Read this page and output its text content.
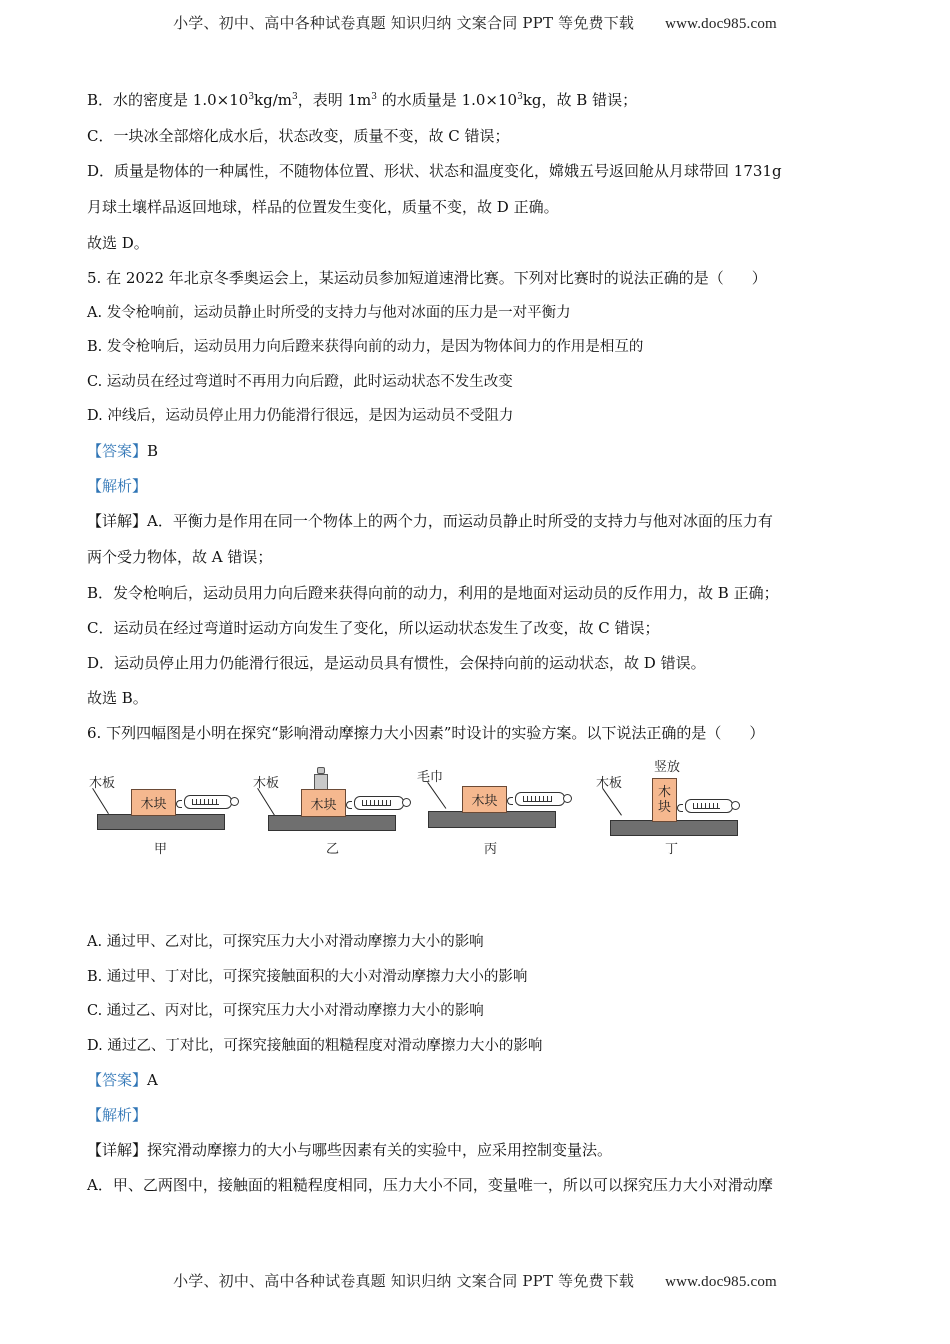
小学、初中、高中各种试卷真题 知识归纳 文案合同 PPT 等免费下载 www.doc985.com
B．水的密度是 $1.0\times 10^3kg/m^3$，表明 $1m^3$ 的水质量是 $1.0\times 10^3kg$，故 B 错误；
C．一块冰全部熔化成水后，状态改变，质量不变，故 C 错误；
D．质量是物体的一种属性，不随物体位置、形状、状态和温度变化，嫦娥五号返回舱从月球带回 1731g
月球土壤样品返回地球，样品的位置发生变化，质量不变，故 D 正确。
故选 D。
5. 在 2022 年北京冬季奥运会上，某运动员参加短道速滑比赛。下列对比赛时的说法正确的是（ ）
A. 发令枪响前，运动员静止时所受的支持力与他对冰面的压力是一对平衡力
B. 发令枪响后，运动员用力向后蹬来获得向前的动力，是因为物体间力的作用是相互的
C. 运动员在经过弯道时不再用力向后蹬，此时运动状态不发生改变
D. 冲线后，运动员停止用力仍能滑行很远，是因为运动员不受阻力
【答案】B
【解析】
【详解】A．平衡力是作用在同一个物体上的两个力，而运动员静止时所受的支持力与他对冰面的压力有
两个受力物体，故 A 错误；
B．发令枪响后，运动员用力向后蹬来获得向前的动力，利用的是地面对运动员的反作用力，故 B 正确；
C．运动员在经过弯道时运动方向发生了变化，所以运动状态发生了改变，故 C 错误；
D．运动员停止用力仍能滑行很远，是运动员具有惯性，会保持向前的运动状态，故 D 错误。
故选 B。
6. 下列四幅图是小明在探究“影响滑动摩擦力大小因素”时设计的实验方案。以下说法正确的是（ ）
木板
木块
甲
木板
木块
乙
毛巾
木块
丙
竖放
木板
木
块
丁
A. 通过甲、乙对比，可探究压力大小对滑动摩擦力大小的影响
B. 通过甲、丁对比，可探究接触面积的大小对滑动摩擦力大小的影响
C. 通过乙、丙对比，可探究压力大小对滑动摩擦力大小的影响
D. 通过乙、丁对比，可探究接触面的粗糙程度对滑动摩擦力大小的影响
【答案】A
【解析】
【详解】探究滑动摩擦力的大小与哪些因素有关的实验中，应采用控制变量法。
A．甲、乙两图中，接触面的粗糙程度相同，压力大小不同，变量唯一，所以可以探究压力大小对滑动摩
小学、初中、高中各种试卷真题 知识归纳 文案合同 PPT 等免费下载 www.doc985.com
